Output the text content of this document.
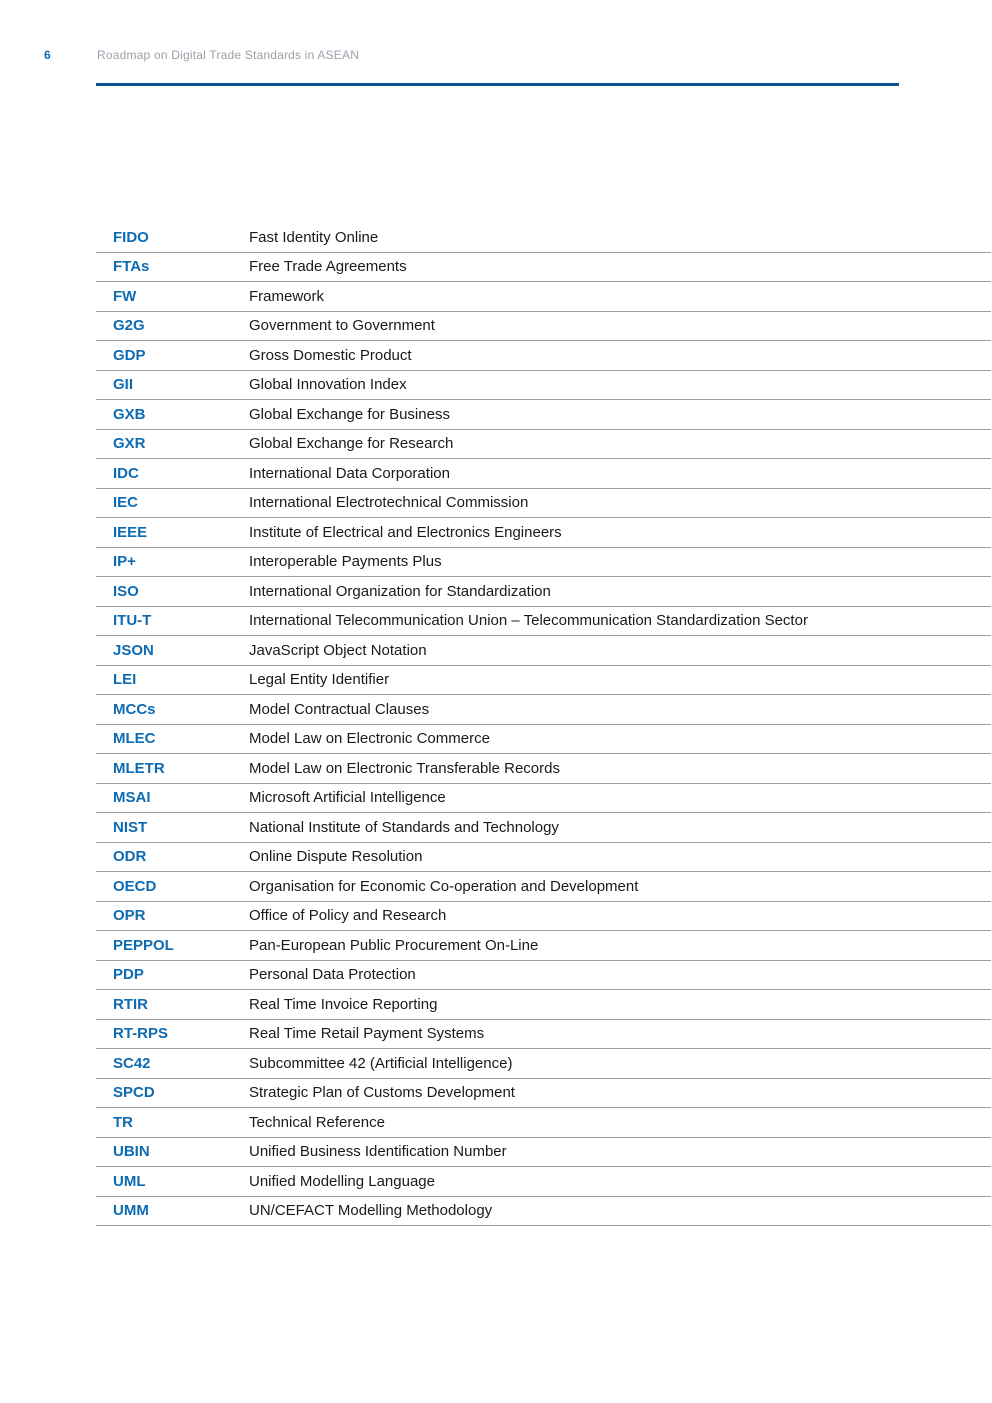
6	Roadmap on Digital Trade Standards in ASEAN
FIDO	Fast Identity Online
FTAs	Free Trade Agreements
FW	Framework
G2G	Government to Government
GDP	Gross Domestic Product
GII	Global Innovation Index
GXB	Global Exchange for Business
GXR	Global Exchange for Research
IDC	International Data Corporation
IEC	International Electrotechnical Commission
IEEE	Institute of Electrical and Electronics Engineers
IP+	Interoperable Payments Plus
ISO	International Organization for Standardization
ITU-T	International Telecommunication Union – Telecommunication Standardization Sector
JSON	JavaScript Object Notation
LEI	Legal Entity Identifier
MCCs	Model Contractual Clauses
MLEC	Model Law on Electronic Commerce
MLETR	Model Law on Electronic Transferable Records
MSAI	Microsoft Artificial Intelligence
NIST	National Institute of Standards and Technology
ODR	Online Dispute Resolution
OECD	Organisation for Economic Co-operation and Development
OPR	Office of Policy and Research
PEPPOL	Pan-European Public Procurement On-Line
PDP	Personal Data Protection
RTIR	Real Time Invoice Reporting
RT-RPS	Real Time Retail Payment Systems
SC42	Subcommittee 42 (Artificial Intelligence)
SPCD	Strategic Plan of Customs Development
TR	Technical Reference
UBIN	Unified Business Identification Number
UML	Unified Modelling Language
UMM	UN/CEFACT Modelling Methodology
